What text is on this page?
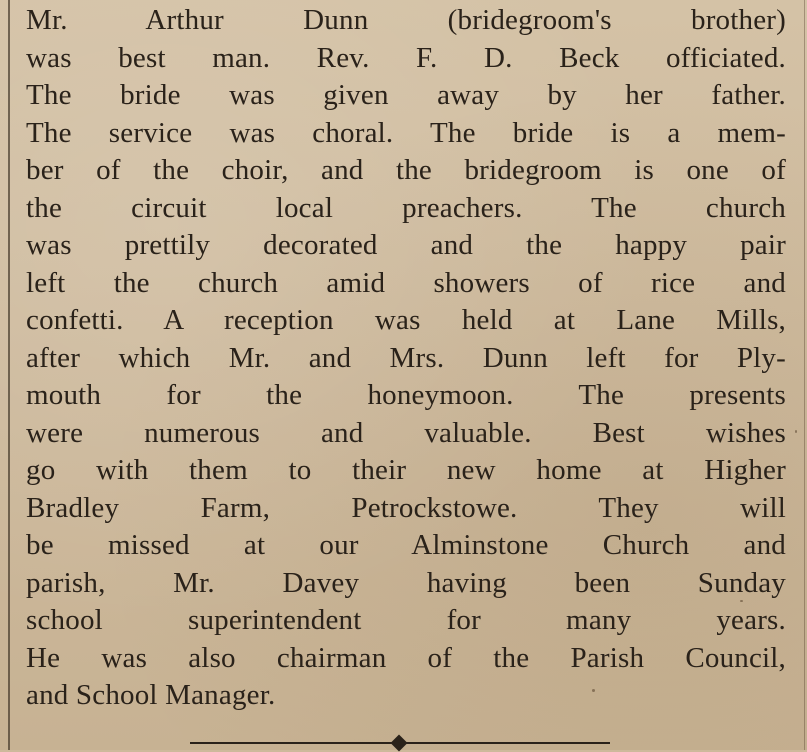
Mr. Arthur Dunn (bridegroom's brother)
was best man. Rev. F. D. Beck officiated.
The bride was given away by her father.
The service was choral. The bride is a mem-
ber of the choir, and the bridegroom is one of
the circuit local preachers. The church
was prettily decorated and the happy pair
left the church amid showers of rice and
confetti. A reception was held at Lane Mills,
after which Mr. and Mrs. Dunn left for Ply-
mouth for the honeymoon. The presents
were numerous and valuable. Best wishes
go with them to their new home at Higher
Bradley Farm, Petrockstowe. They will
be missed at our Alminstone Church and
parish, Mr. Davey having been Sunday
school superintendent for many years.
He was also chairman of the Parish Council,
and School Manager.
